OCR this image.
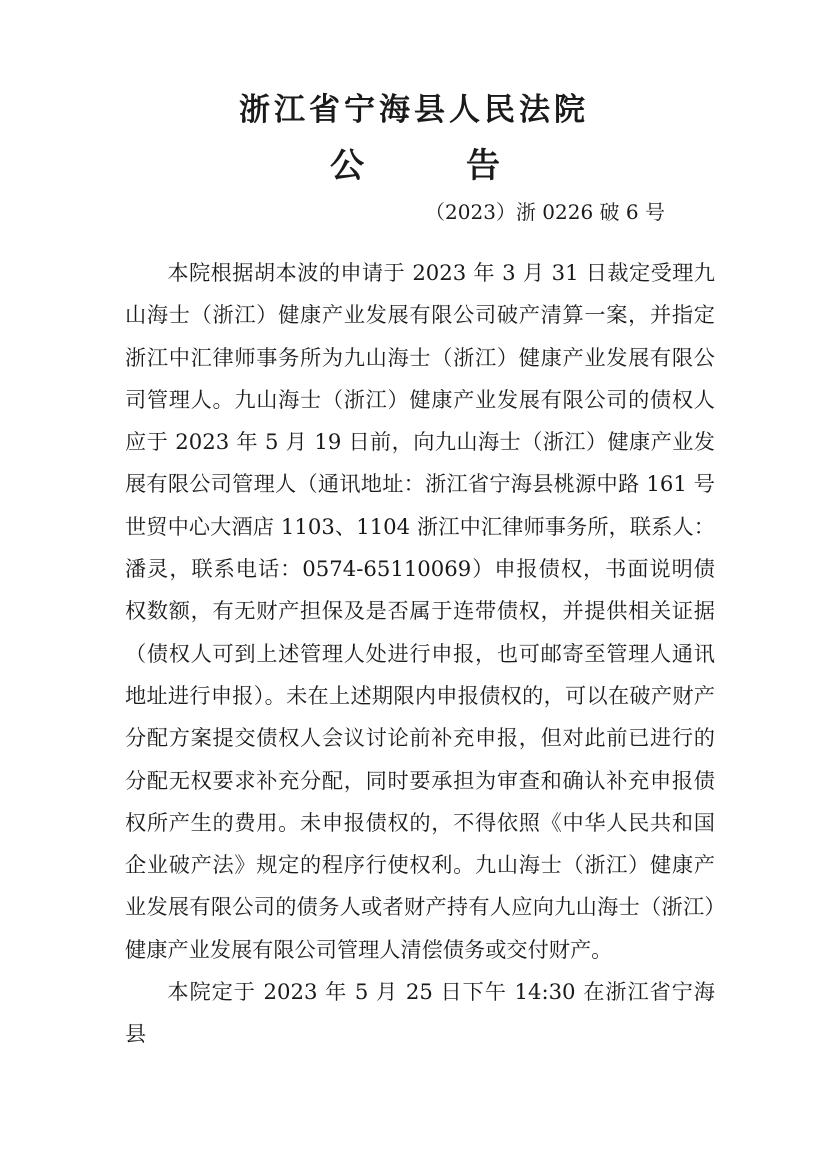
浙江省宁海县人民法院
公	告
（2023）浙 0226 破 6 号

本院根据胡本波的申请于 2023 年 3 月 31 日裁定受理九山海士（浙江）健康产业发展有限公司破产清算一案，并指定浙江中汇律师事务所为九山海士（浙江）健康产业发展有限公司管理人。九山海士（浙江）健康产业发展有限公司的债权人应于 2023 年 5 月 19 日前，向九山海士（浙江）健康产业发展有限公司管理人（通讯地址：浙江省宁海县桃源中路 161 号世贸中心大酒店 1103、1104 浙江中汇律师事务所，联系人：潘灵，联系电话：0574-65110069）申报债权，书面说明债权数额，有无财产担保及是否属于连带债权，并提供相关证据（债权人可到上述管理人处进行申报，也可邮寄至管理人通讯地址进行申报）。未在上述期限内申报债权的，可以在破产财产分配方案提交债权人会议讨论前补充申报，但对此前已进行的分配无权要求补充分配，同时要承担为审查和确认补充申报债权所产生的费用。未申报债权的，不得依照《中华人民共和国企业破产法》规定的程序行使权利。九山海士（浙江）健康产业发展有限公司的债务人或者财产持有人应向九山海士（浙江）健康产业发展有限公司管理人清偿债务或交付财产。

本院定于 2023 年 5 月 25 日下午 14:30 在浙江省宁海县
